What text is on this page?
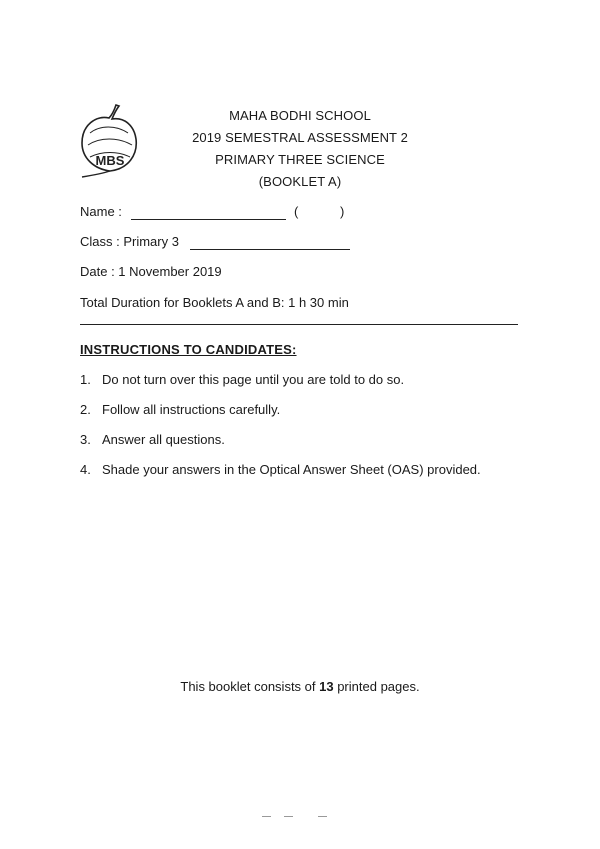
MBS
MAHA BODHI SCHOOL
2019 SEMESTRAL ASSESSMENT 2
PRIMARY THREE SCIENCE
(BOOKLET A)
Name :	(	)
Class : Primary 3
Date : 1 November 2019
Total Duration for Booklets A and B: 1 h 30 min
INSTRUCTIONS TO CANDIDATES:
1. Do not turn over this page until you are told to do so.
2. Follow all instructions carefully.
3. Answer all questions.
4. Shade your answers in the Optical Answer Sheet (OAS) provided.
This booklet consists of 13 printed pages.
